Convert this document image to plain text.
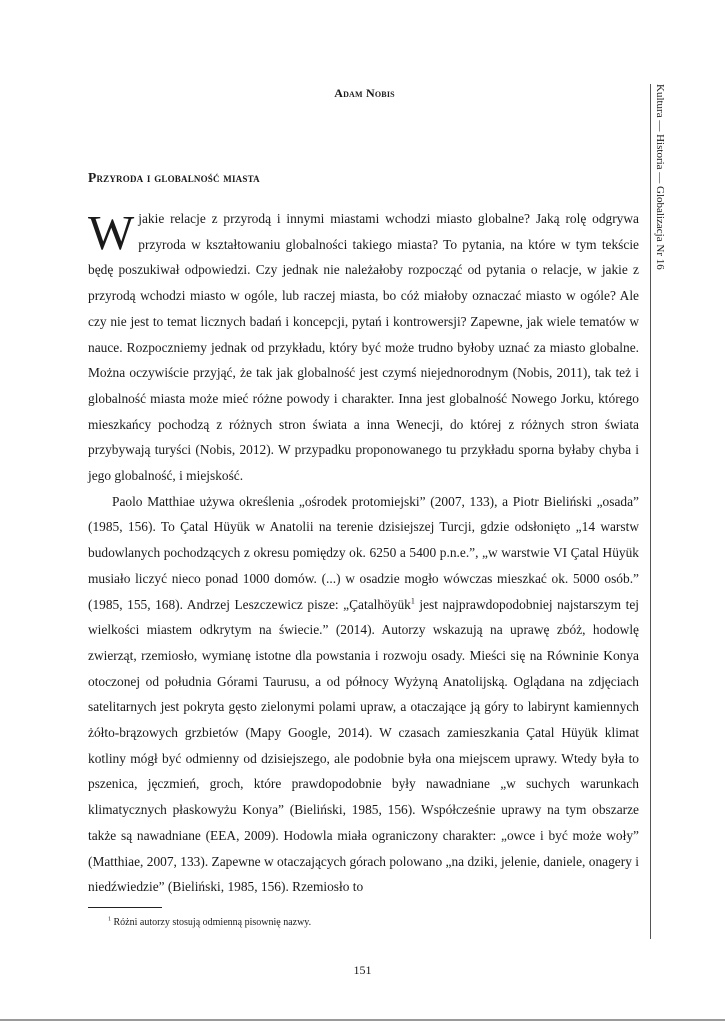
Adam Nobis	Kultura — Historia — Globalizacja Nr 16
Przyroda i globalność miasta

Wjakie relacje z przyrodą i innymi miastami wchodzi miasto globalne? Jaką rolę odgrywa przyroda w kształtowaniu globalności takiego miasta? To pytania, na które w tym tekście będę poszukiwał odpowiedzi. Czy jednak nie należałoby rozpocząć od pytania o relacje, w jakie z przyrodą wchodzi miasto w ogóle, lub raczej miasta, bo cóż miałoby oznaczać miasto w ogóle? Ale czy nie jest to temat licznych badań i koncepcji, pytań i kontrowersji? Zapewne, jak wiele tematów w nauce. Rozpoczniemy jednak od przykładu, który być może trudno byłoby uznać za miasto globalne. Można oczywiście przyjąć, że tak jak globalność jest czymś niejednorodnym (Nobis, 2011), tak też i globalność miasta może mieć różne powody i charakter. Inna jest globalność Nowego Jorku, którego mieszkańcy pochodzą z różnych stron świata a inna Wenecji, do której z różnych stron świata przybywają turyści (Nobis, 2012). W przypadku proponowanego tu przykładu sporna byłaby chyba i jego globalność, i miejskość.

Paolo Matthiae używa określenia „ośrodek protomiejski” (2007, 133), a Piotr Bieliński „osada” (1985, 156). To Çatal Hüyük w Anatolii na terenie dzisiejszej Turcji, gdzie odsłonięto „14 warstw budowlanych pochodzących z okresu pomiędzy ok. 6250 a 5400 p.n.e.”, „w warstwie VI Çatal Hüyük musiało liczyć nieco ponad 1000 domów. (...) w osadzie mogło wówczas mieszkać ok. 5000 osób.” (1985, 155, 168). Andrzej Leszczewicz pisze: „Çatalhöyük$^1$ jest najprawdopodobniej najstarszym tej wielkości miastem odkrytym na świecie.” (2014). Autorzy wskazują na uprawę zbóż, hodowlę zwierząt, rzemiosło, wymianę istotne dla powstania i rozwoju osady. Mieści się na Równinie Konya otoczonej od południa Górami Taurusu, a od północy Wyżyną Anatolijską. Oglądana na zdjęciach satelitarnych jest pokryta gęsto zielonymi polami upraw, a otaczające ją góry to labirynt kamiennych żółto-brązowych grzbietów (Mapy Google, 2014). W czasach zamieszkania Çatal Hüyük klimat kotliny mógł być odmienny od dzisiejszego, ale podobnie była ona miejscem uprawy. Wtedy była to pszenica, jęczmień, groch, które prawdopodobnie były nawadniane „w suchych warunkach klimatycznych płaskowyżu Konya” (Bieliński, 1985, 156). Współcześnie uprawy na tym obszarze także są nawadniane (EEA, 2009). Hodowla miała ograniczony charakter: „owce i być może woły” (Matthiae, 2007, 133). Zapewne w otaczających górach polowano „na dziki, jelenie, daniele, onagery i niedźwiedzie” (Bieliński, 1985, 156). Rzemiosło to

$^1$ Różni autorzy stosują odmienną pisownię nazwy.
151
